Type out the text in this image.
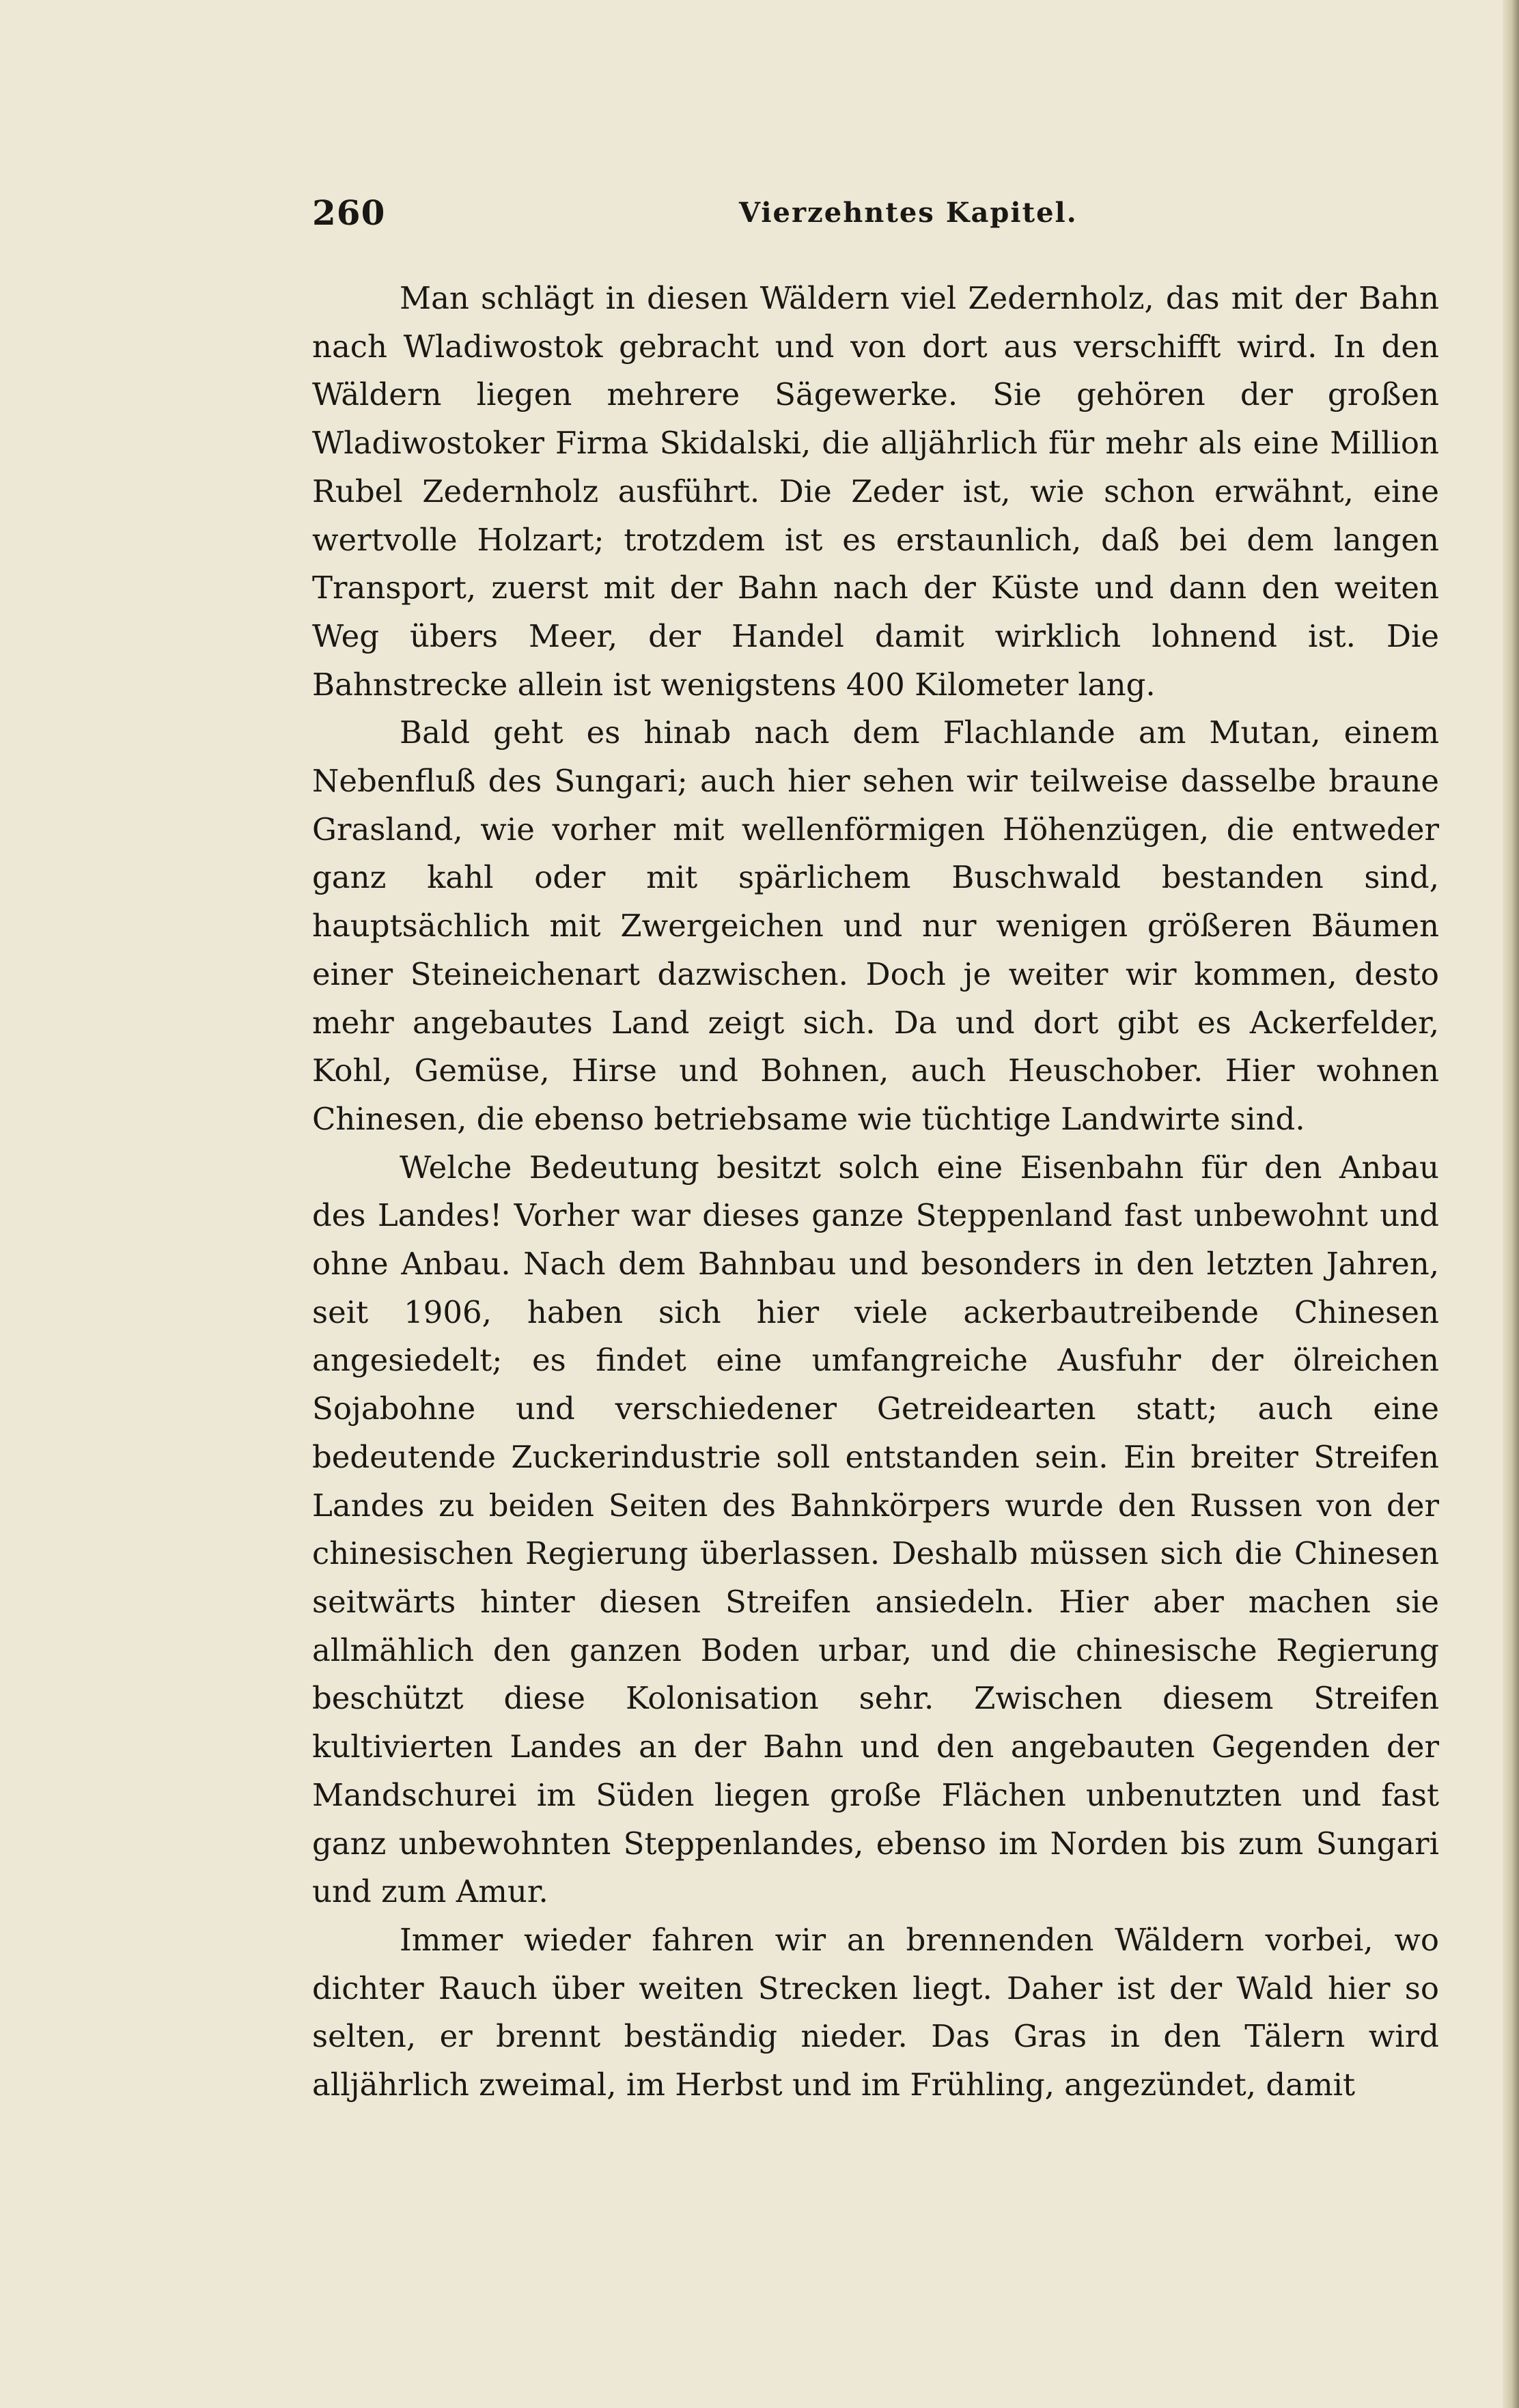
260	Vierzehntes Kapitel.

Man schlägt in diesen Wäldern viel Zedernholz, das mit der Bahn nach Wladiwostok gebracht und von dort aus verschifft wird. In den Wäldern liegen mehrere Sägewerke. Sie gehören der großen Wladiwostoker Firma Skidalski, die alljährlich für mehr als eine Million Rubel Zedernholz ausführt. Die Zeder ist, wie schon erwähnt, eine wertvolle Holzart; trotzdem ist es erstaunlich, daß bei dem langen Transport, zuerst mit der Bahn nach der Küste und dann den weiten Weg übers Meer, der Handel damit wirklich lohnend ist. Die Bahnstrecke allein ist wenigstens 400 Kilometer lang.

Bald geht es hinab nach dem Flachlande am Mutan, einem Nebenfluß des Sungari; auch hier sehen wir teilweise dasselbe braune Grasland, wie vorher mit wellenförmigen Höhenzügen, die entweder ganz kahl oder mit spärlichem Buschwald bestanden sind, hauptsächlich mit Zwergeichen und nur wenigen größeren Bäumen einer Steineichenart dazwischen. Doch je weiter wir kommen, desto mehr angebautes Land zeigt sich. Da und dort gibt es Ackerfelder, Kohl, Gemüse, Hirse und Bohnen, auch Heuschober. Hier wohnen Chinesen, die ebenso betriebsame wie tüchtige Landwirte sind.

Welche Bedeutung besitzt solch eine Eisenbahn für den Anbau des Landes! Vorher war dieses ganze Steppenland fast unbewohnt und ohne Anbau. Nach dem Bahnbau und besonders in den letzten Jahren, seit 1906, haben sich hier viele ackerbautreibende Chinesen angesiedelt; es findet eine umfangreiche Ausfuhr der ölreichen Sojabohne und verschiedener Getreidearten statt; auch eine bedeutende Zuckerindustrie soll entstanden sein. Ein breiter Streifen Landes zu beiden Seiten des Bahnkörpers wurde den Russen von der chinesischen Regierung überlassen. Deshalb müssen sich die Chinesen seitwärts hinter diesen Streifen ansiedeln. Hier aber machen sie allmählich den ganzen Boden urbar, und die chinesische Regierung beschützt diese Kolonisation sehr. Zwischen diesem Streifen kultivierten Landes an der Bahn und den angebauten Gegenden der Mandschurei im Süden liegen große Flächen unbenutzten und fast ganz unbewohnten Steppenlandes, ebenso im Norden bis zum Sungari und zum Amur.

Immer wieder fahren wir an brennenden Wäldern vorbei, wo dichter Rauch über weiten Strecken liegt. Daher ist der Wald hier so selten, er brennt beständig nieder. Das Gras in den Tälern wird alljährlich zweimal, im Herbst und im Frühling, angezündet, damit
